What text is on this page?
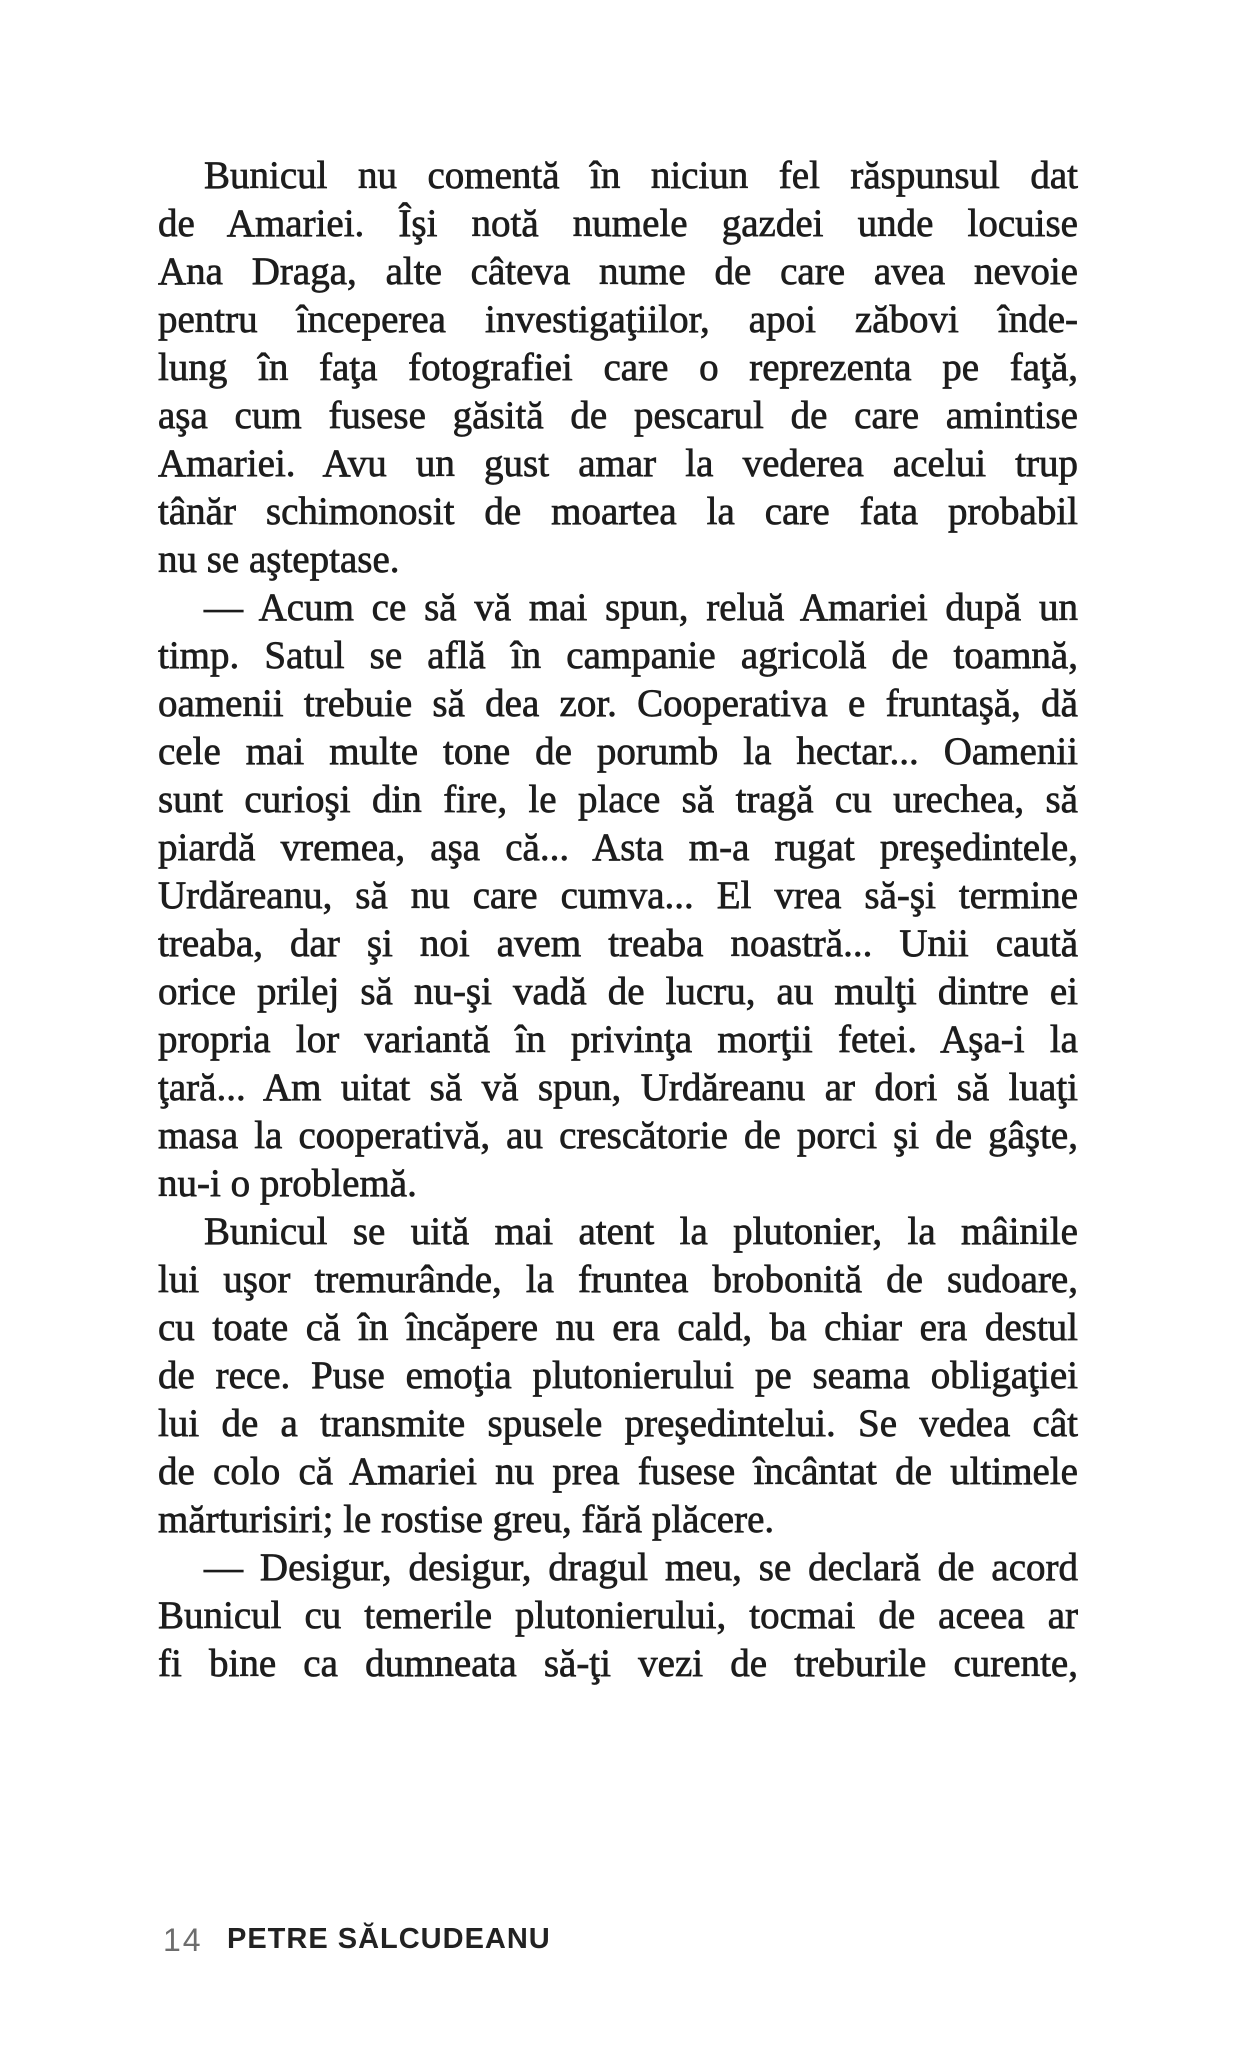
Bunicul nu comentă în niciun fel răspunsul dat
de Amariei. Îşi notă numele gazdei unde locuise
Ana Draga, alte câteva nume de care avea nevoie
pentru începerea investigaţiilor, apoi zăbovi înde-
lung în faţa fotografiei care o reprezenta pe faţă,
aşa cum fusese găsită de pescarul de care amintise
Amariei. Avu un gust amar la vederea acelui trup
tânăr schimonosit de moartea la care fata probabil
nu se aşteptase.
— Acum ce să vă mai spun, reluă Amariei după un
timp. Satul se află în campanie agricolă de toamnă,
oamenii trebuie să dea zor. Cooperativa e fruntaşă, dă
cele mai multe tone de porumb la hectar... Oamenii
sunt curioşi din fire, le place să tragă cu urechea, să
piardă vremea, aşa că... Asta m-a rugat preşedintele,
Urdăreanu, să nu care cumva... El vrea să-şi termine
treaba, dar şi noi avem treaba noastră... Unii caută
orice prilej să nu-şi vadă de lucru, au mulţi dintre ei
propria lor variantă în privinţa morţii fetei. Aşa-i la
ţară... Am uitat să vă spun, Urdăreanu ar dori să luaţi
masa la cooperativă, au crescătorie de porci şi de gâşte,
nu-i o problemă.
Bunicul se uită mai atent la plutonier, la mâinile
lui uşor tremurânde, la fruntea brobonită de sudoare,
cu toate că în încăpere nu era cald, ba chiar era destul
de rece. Puse emoţia plutonierului pe seama obligaţiei
lui de a transmite spusele preşedintelui. Se vedea cât
de colo că Amariei nu prea fusese încântat de ultimele
mărturisiri; le rostise greu, fără plăcere.
— Desigur, desigur, dragul meu, se declară de acord
Bunicul cu temerile plutonierului, tocmai de aceea ar
fi bine ca dumneata să-ţi vezi de treburile curente,
14 PETRE SĂLCUDEANU
